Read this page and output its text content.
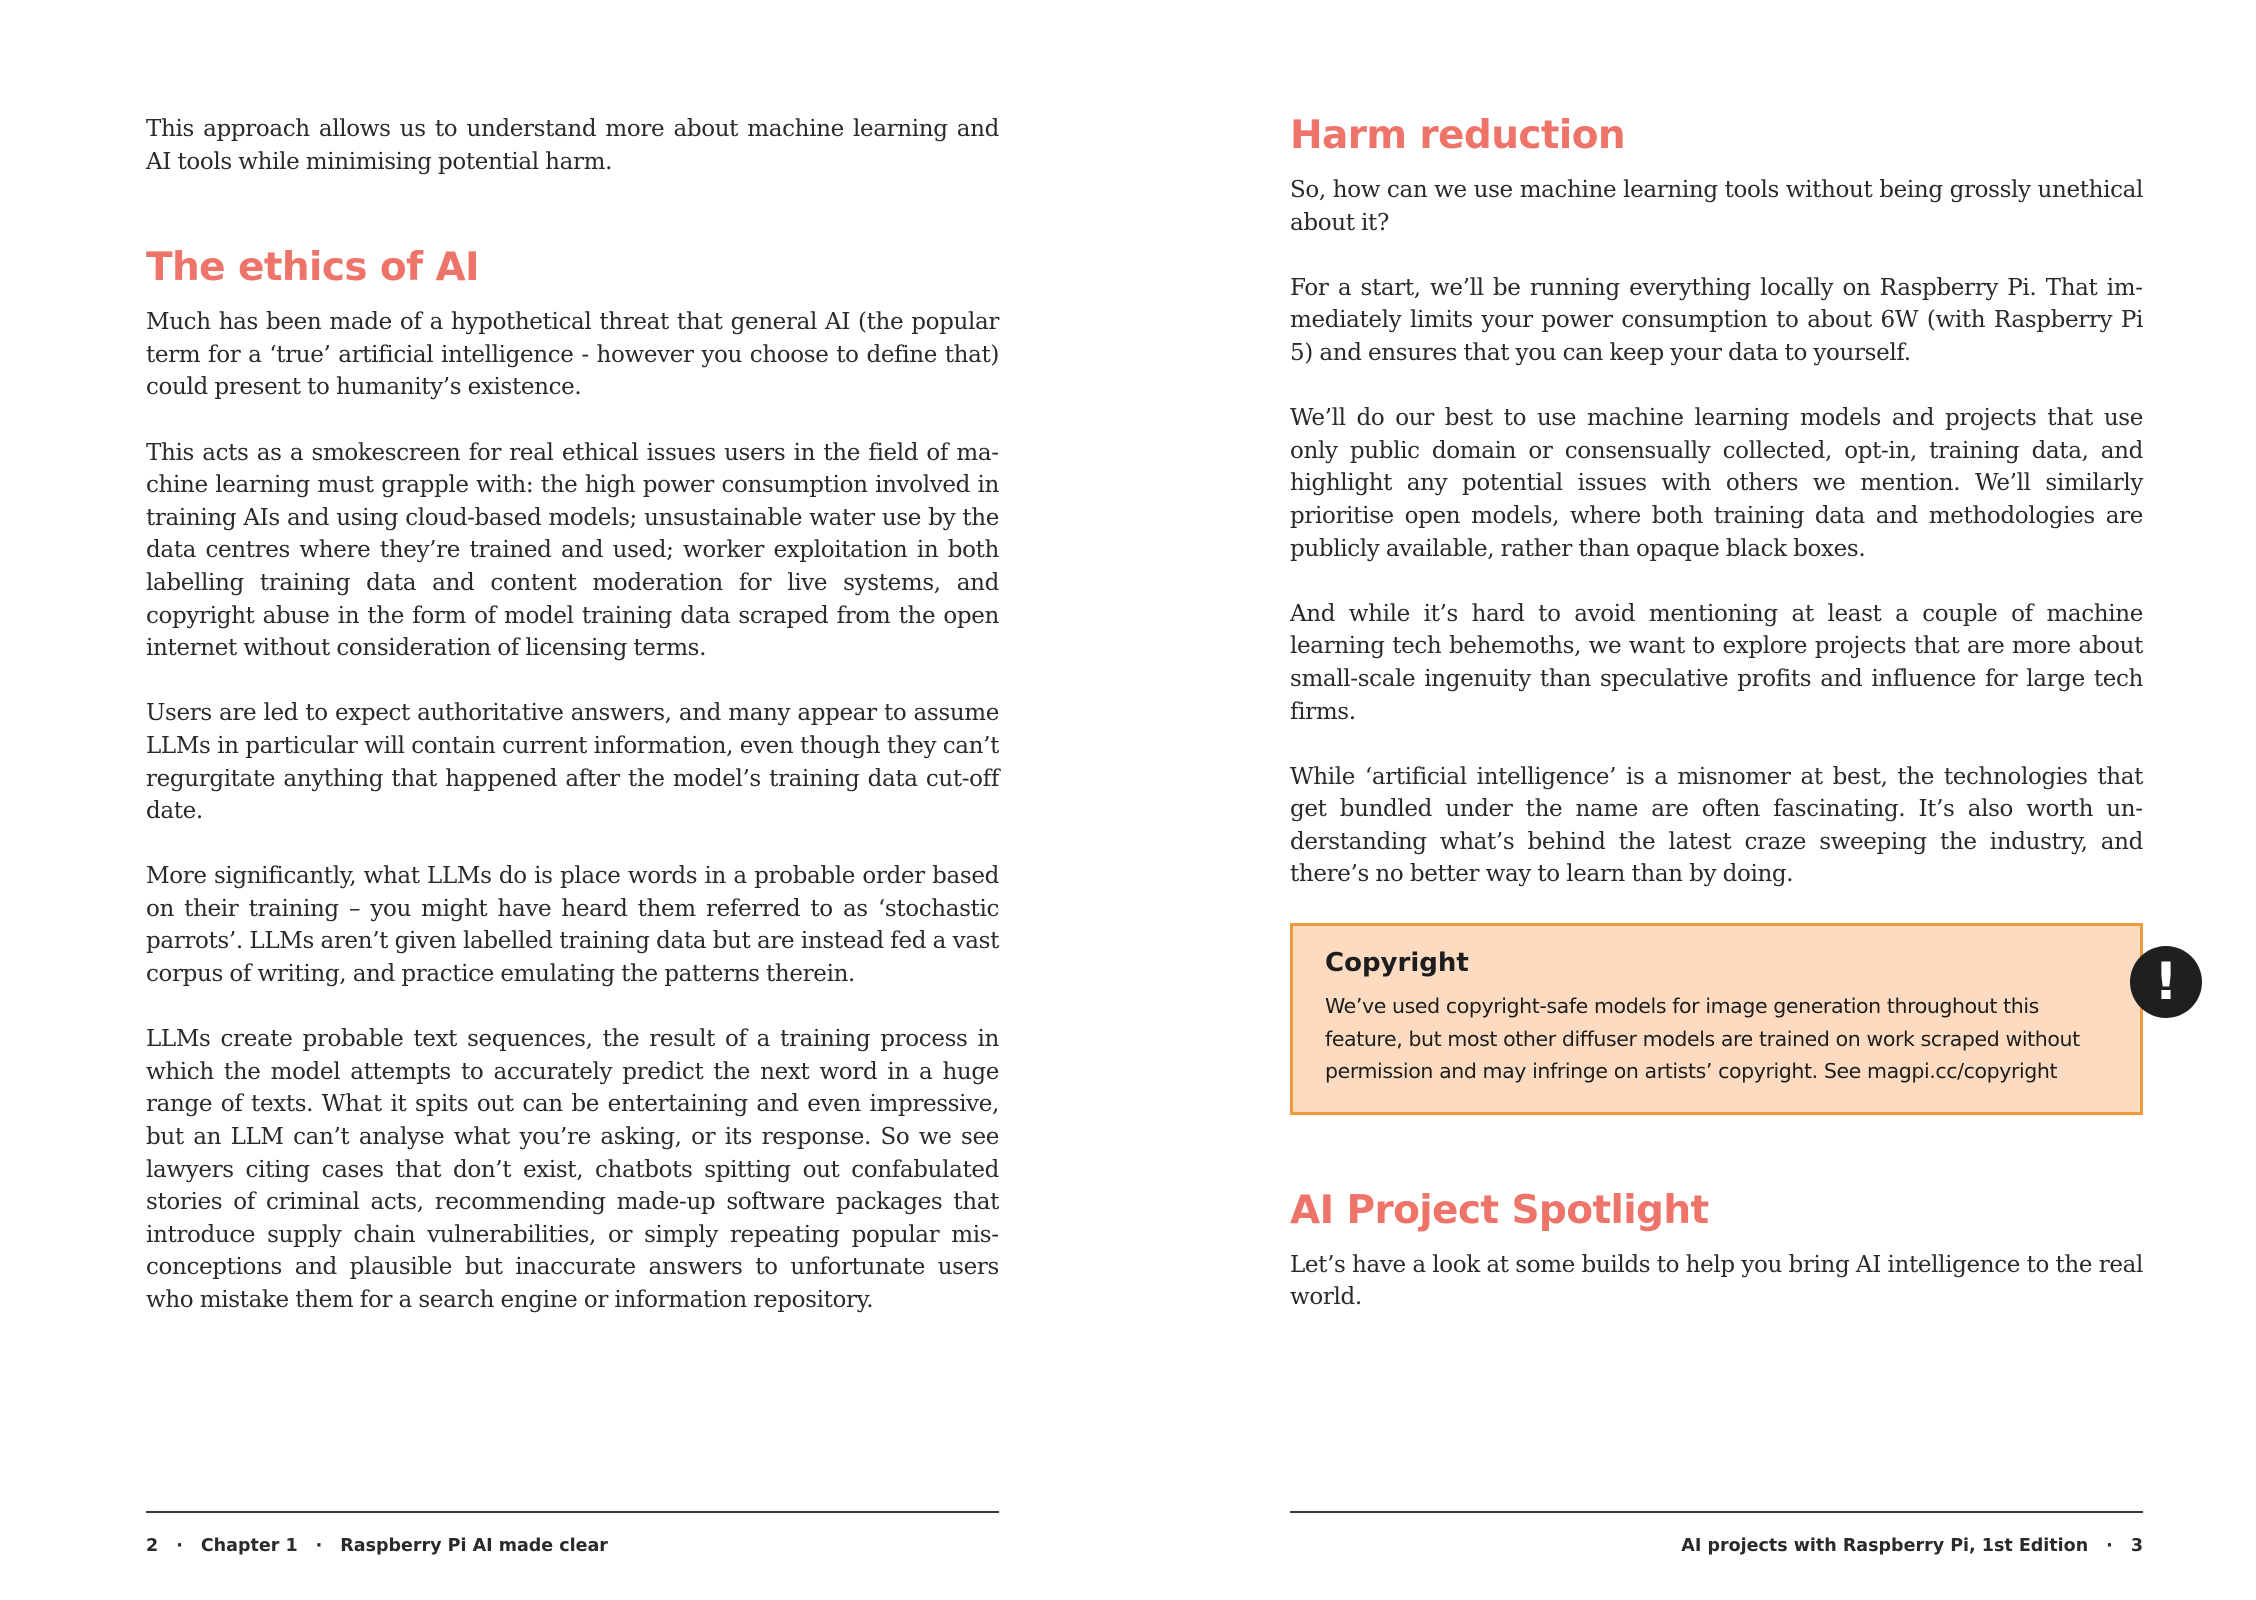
This approach allows us to understand more about machine learning and AI tools while minimising potential harm.

The ethics of AI

Much has been made of a hypothetical threat that general AI (the popular term for a ‘true’ artificial intelligence - however you choose to define that) could present to humanity’s existence.

This acts as a smokescreen for real ethical issues users in the field of machine learning must grapple with: the high power consumption involved in training AIs and using cloud-based models; unsustainable water use by the data centres where they’re trained and used; worker exploitation in both labelling training data and content moderation for live systems, and copyright abuse in the form of model training data scraped from the open internet without consideration of licensing terms.

Users are led to expect authoritative answers, and many appear to assume LLMs in particular will contain current information, even though they can’t regurgitate anything that happened after the model’s training data cut-off date.

More significantly, what LLMs do is place words in a probable order based on their training – you might have heard them referred to as ‘stochastic parrots’. LLMs aren’t given labelled training data but are instead fed a vast corpus of writing, and practice emulating the patterns therein.

LLMs create probable text sequences, the result of a training process in which the model attempts to accurately predict the next word in a huge range of texts. What it spits out can be entertaining and even impressive, but an LLM can’t analyse what you’re asking, or its response. So we see lawyers citing cases that don’t exist, chatbots spitting out confabulated stories of criminal acts, recommending made-up software packages that introduce supply chain vulnerabilities, or simply repeating popular misconceptions and plausible but inaccurate answers to unfortunate users who mistake them for a search engine or information repository.

2 · Chapter 1 · Raspberry Pi AI made clear
Harm reduction

So, how can we use machine learning tools without being grossly unethical about it?

For a start, we’ll be running everything locally on Raspberry Pi. That immediately limits your power consumption to about 6W (with Raspberry Pi 5) and ensures that you can keep your data to yourself.

We’ll do our best to use machine learning models and projects that use only public domain or consensually collected, opt-in, training data, and highlight any potential issues with others we mention. We’ll similarly prioritise open models, where both training data and methodologies are publicly available, rather than opaque black boxes.

And while it’s hard to avoid mentioning at least a couple of machine learning tech behemoths, we want to explore projects that are more about small-scale ingenuity than speculative profits and influence for large tech firms.

While ‘artificial intelligence’ is a misnomer at best, the technologies that get bundled under the name are often fascinating. It’s also worth understanding what’s behind the latest craze sweeping the industry, and there’s no better way to learn than by doing.

Copyright

We’ve used copyright-safe models for image generation throughout this feature, but most other diffuser models are trained on work scraped without permission and may infringe on artists’ copyright. See magpi.cc/copyright

!
AI Project Spotlight

Let’s have a look at some builds to help you bring AI intelligence to the real world.

AI projects with Raspberry Pi, 1st Edition · 3
